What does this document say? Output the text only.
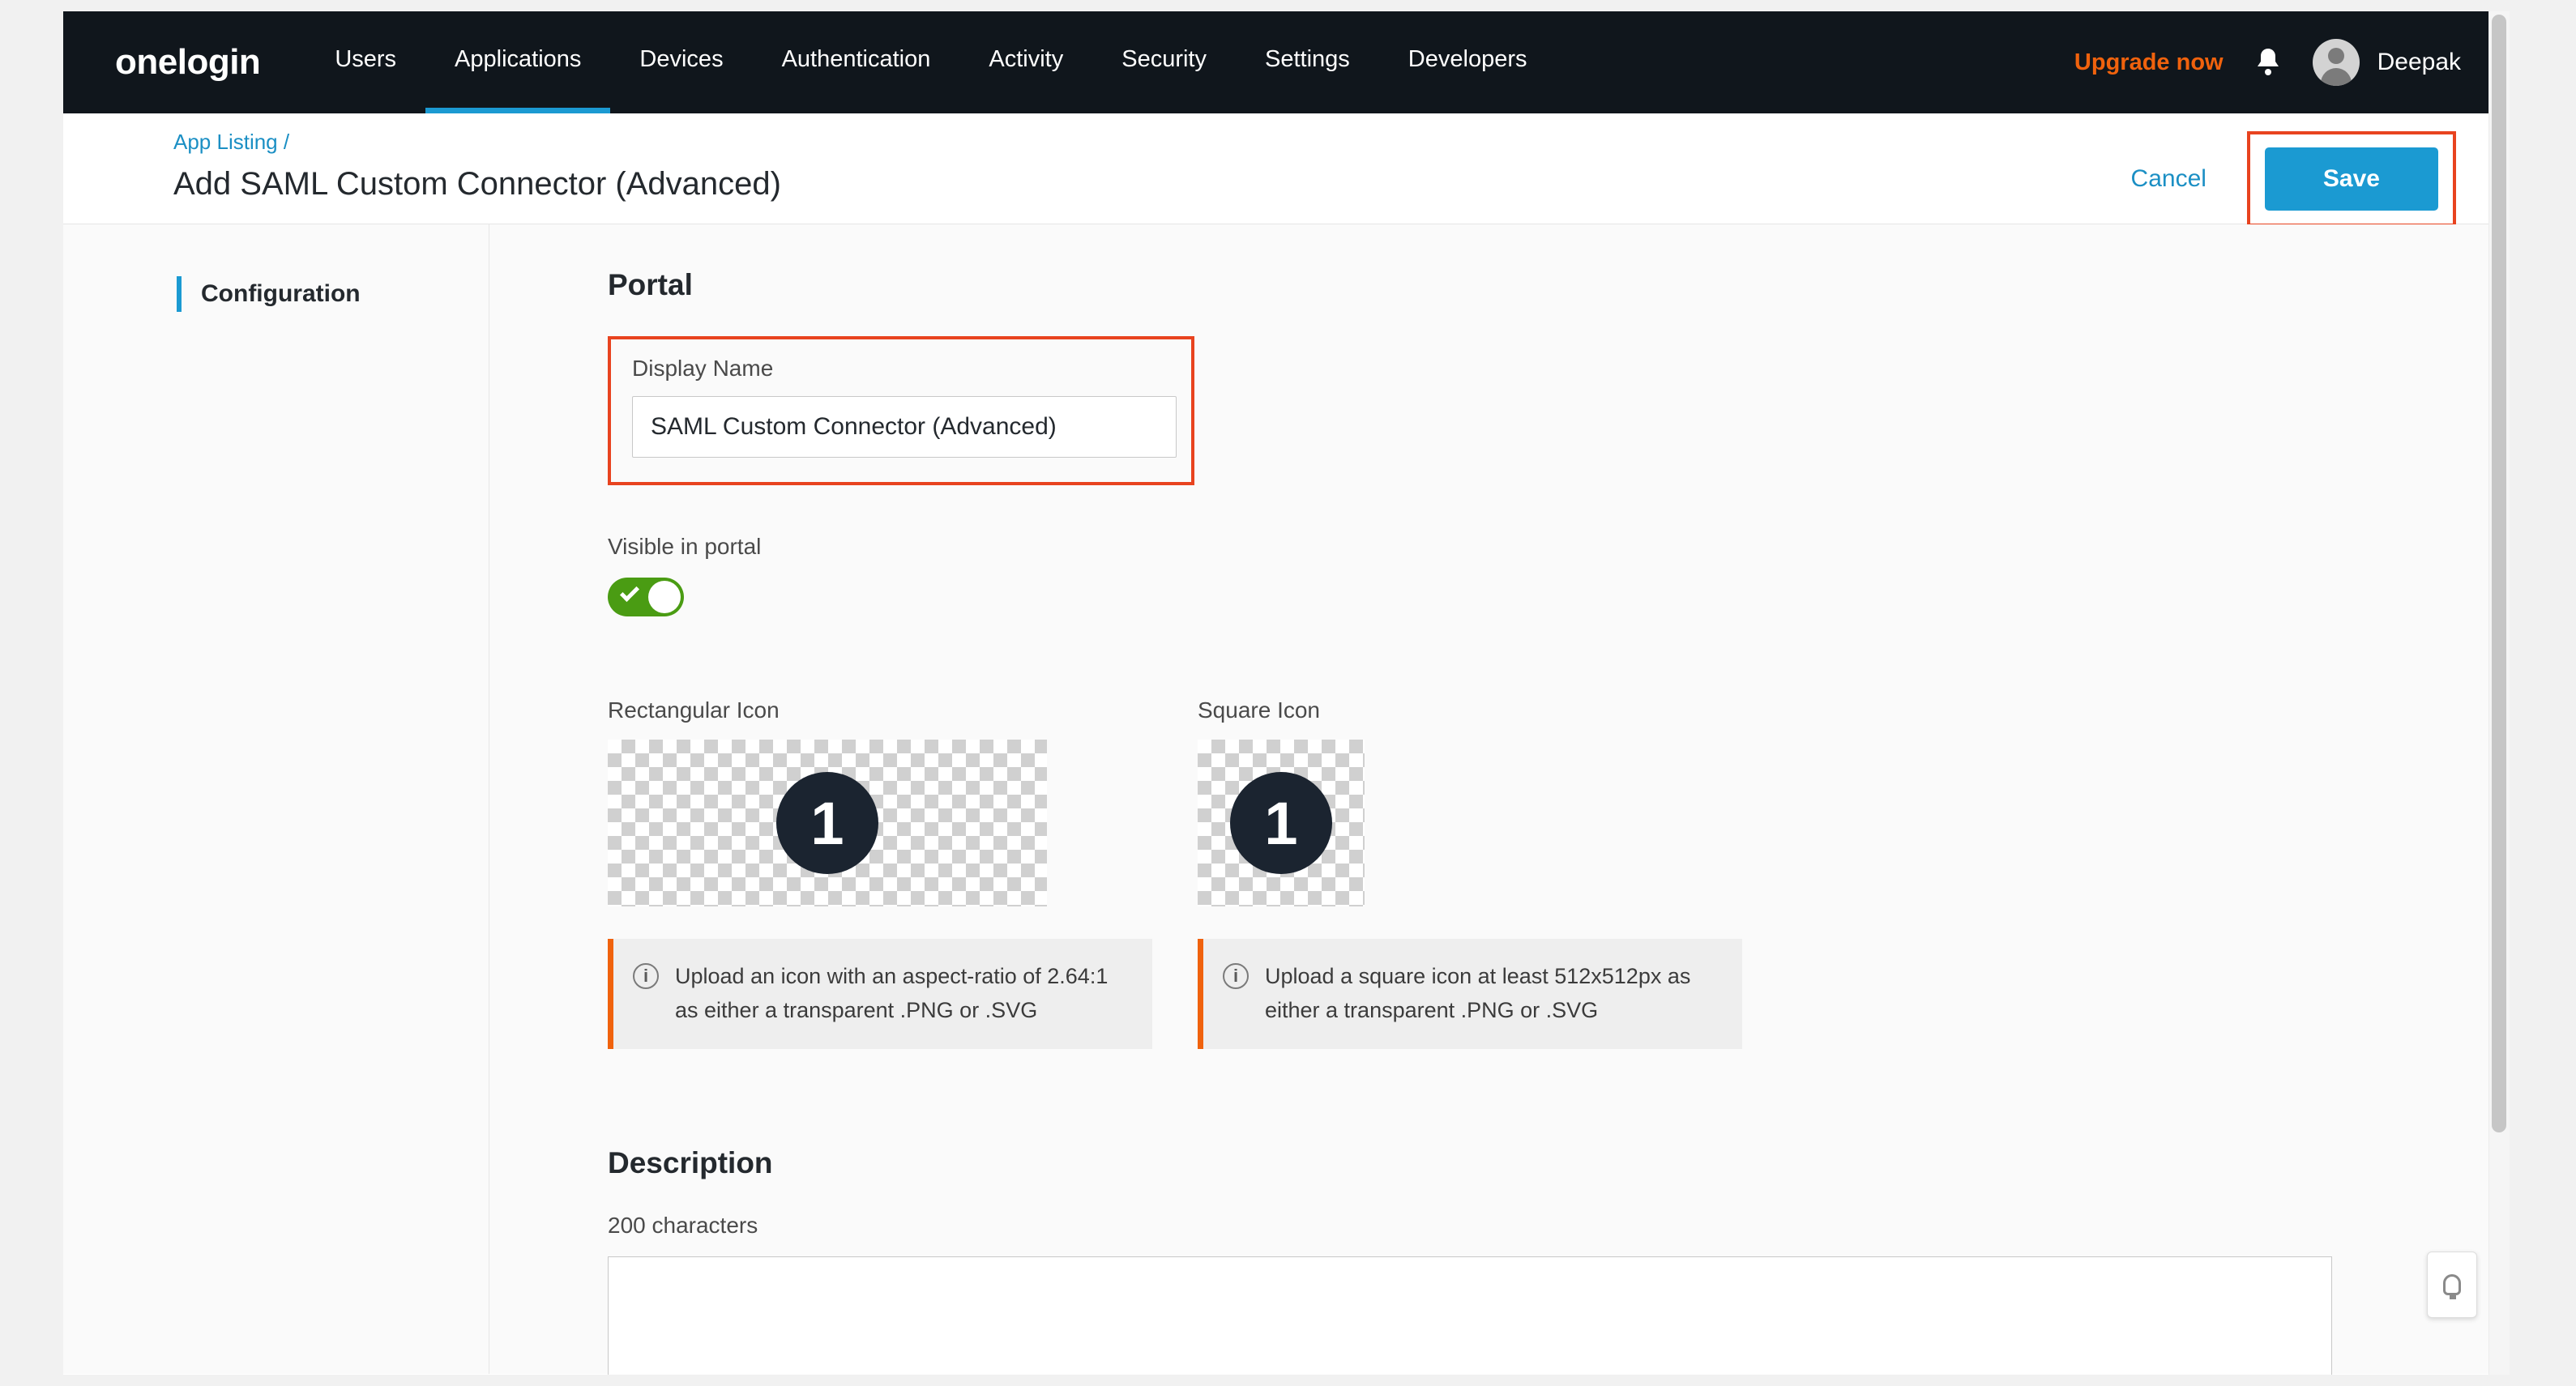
onelogin	Users Applications Devices Authentication Activity Security Settings Developers	Upgrade now	Deepak
App Listing /
Add SAML Custom Connector (Advanced)	Cancel	Save
Configuration	Portal
Display Name
SAML Custom Connector (Advanced)
Visible in portal
Rectangular Icon
1
i	Upload an icon with an aspect-ratio of 2.64:1 as either a transparent .PNG or .SVG
Square Icon
1
i	Upload a square icon at least 512x512px as either a transparent .PNG or .SVG
Description
200 characters
